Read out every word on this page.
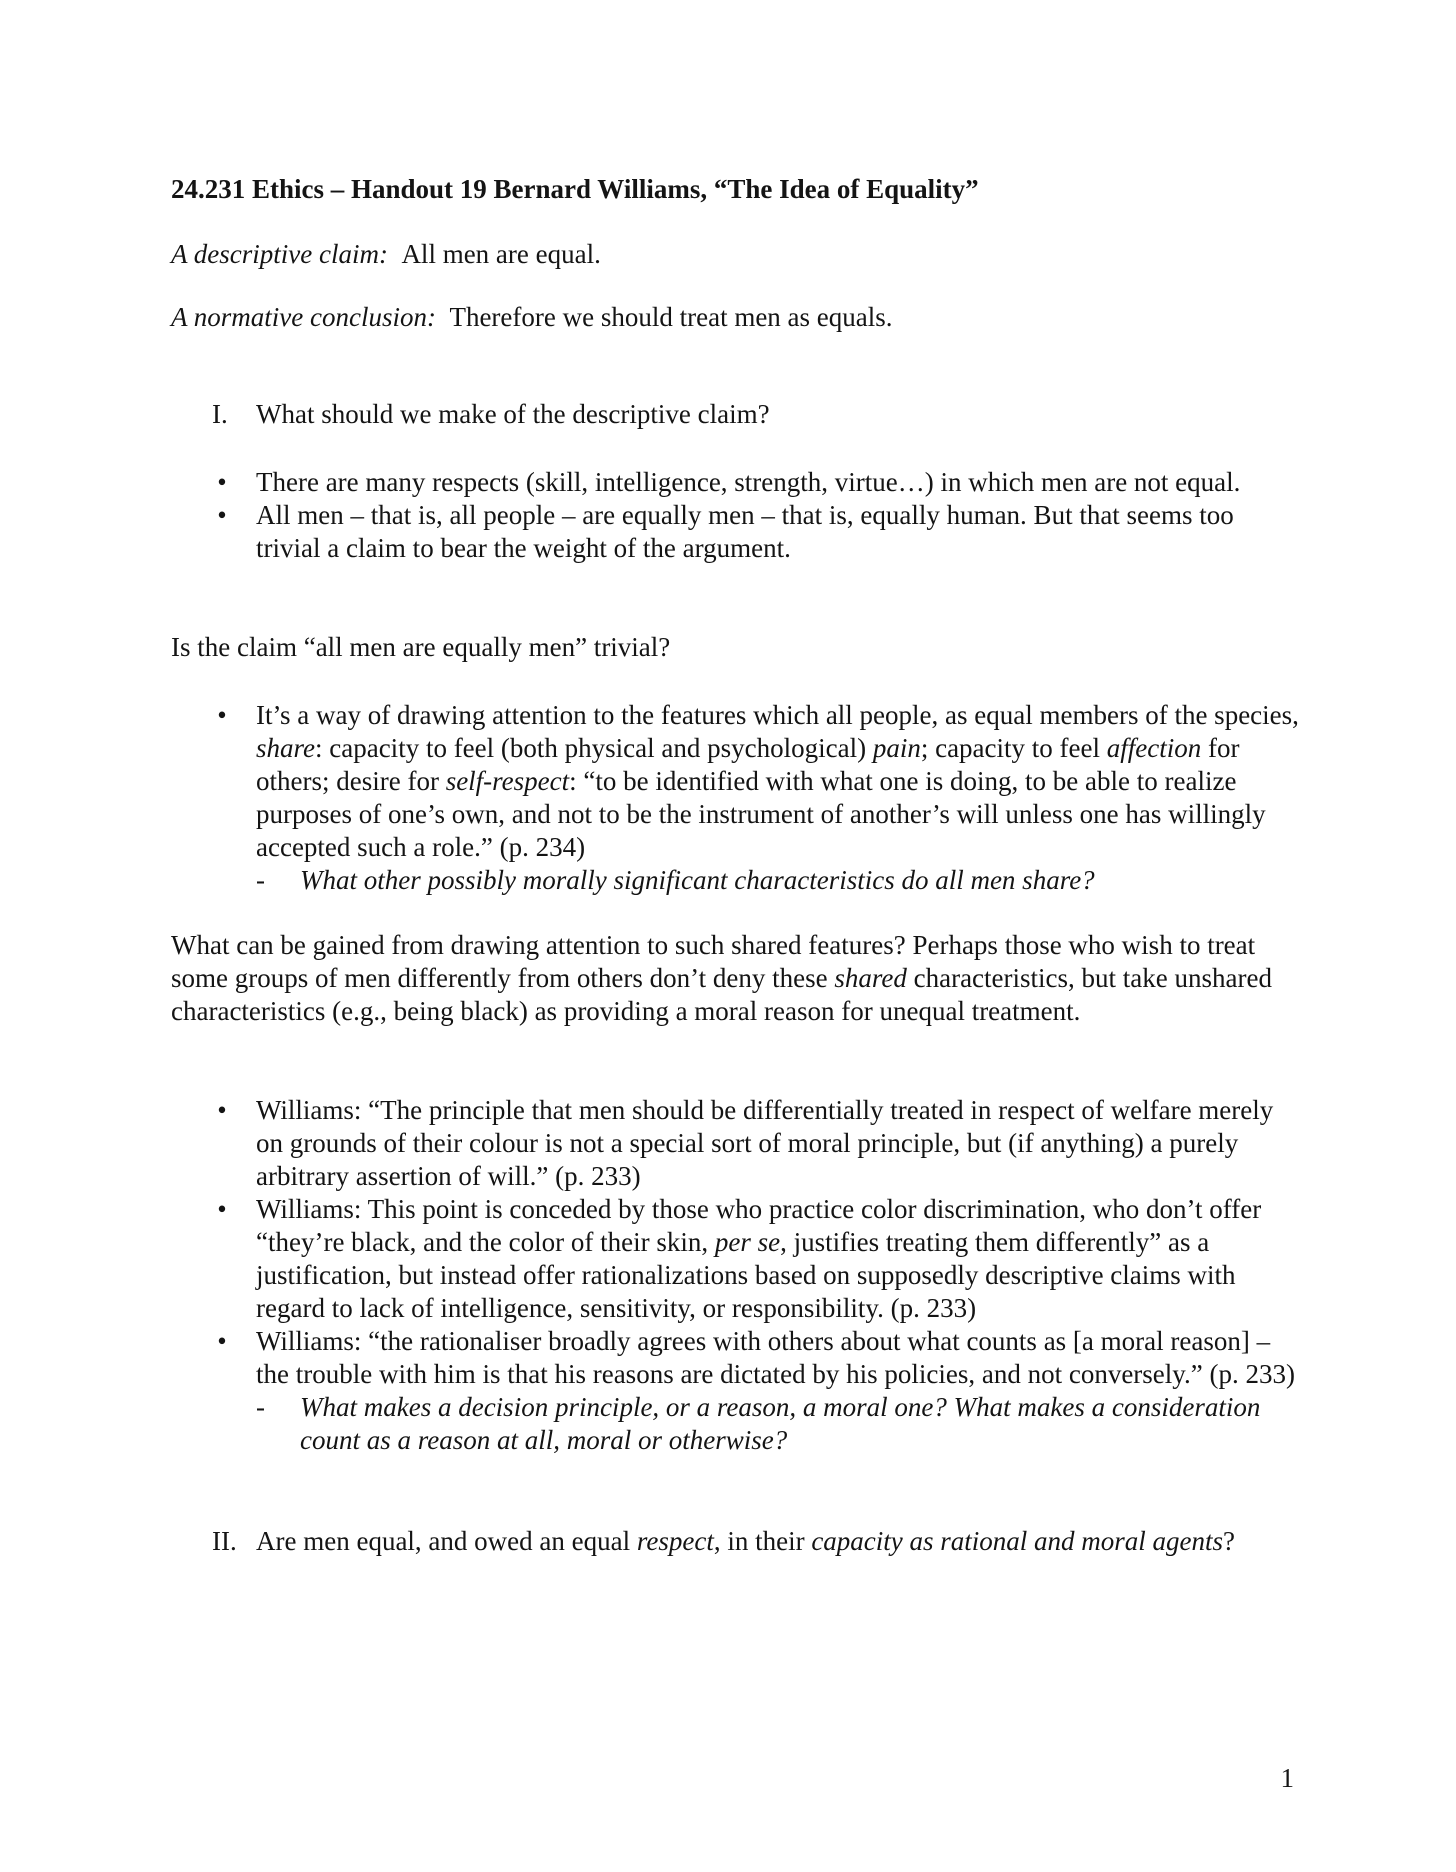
24.231 Ethics – Handout 19 Bernard Williams, “The Idea of Equality”

A descriptive claim: All men are equal.

A normative conclusion: Therefore we should treat men as equals.

I. What should we make of the descriptive claim?

• There are many respects (skill, intelligence, strength, virtue…) in which men are not equal.
• All men – that is, all people – are equally men – that is, equally human. But that seems too trivial a claim to bear the weight of the argument.

Is the claim “all men are equally men” trivial?

• It’s a way of drawing attention to the features which all people, as equal members of the species, share: capacity to feel (both physical and psychological) pain; capacity to feel affection for others; desire for self-respect: “to be identified with what one is doing, to be able to realize purposes of one’s own, and not to be the instrument of another’s will unless one has willingly accepted such a role.” (p. 234)
- What other possibly morally significant characteristics do all men share?

What can be gained from drawing attention to such shared features? Perhaps those who wish to treat some groups of men differently from others don’t deny these shared characteristics, but take unshared characteristics (e.g., being black) as providing a moral reason for unequal treatment.

• Williams: “The principle that men should be differentially treated in respect of welfare merely on grounds of their colour is not a special sort of moral principle, but (if anything) a purely arbitrary assertion of will.” (p. 233)
• Williams: This point is conceded by those who practice color discrimination, who don’t offer “they’re black, and the color of their skin, per se, justifies treating them differently” as a justification, but instead offer rationalizations based on supposedly descriptive claims with regard to lack of intelligence, sensitivity, or responsibility. (p. 233)
• Williams: “the rationaliser broadly agrees with others about what counts as [a moral reason] – the trouble with him is that his reasons are dictated by his policies, and not conversely.” (p. 233)
- What makes a decision principle, or a reason, a moral one? What makes a consideration count as a reason at all, moral or otherwise?

II. Are men equal, and owed an equal respect, in their capacity as rational and moral agents?

1
